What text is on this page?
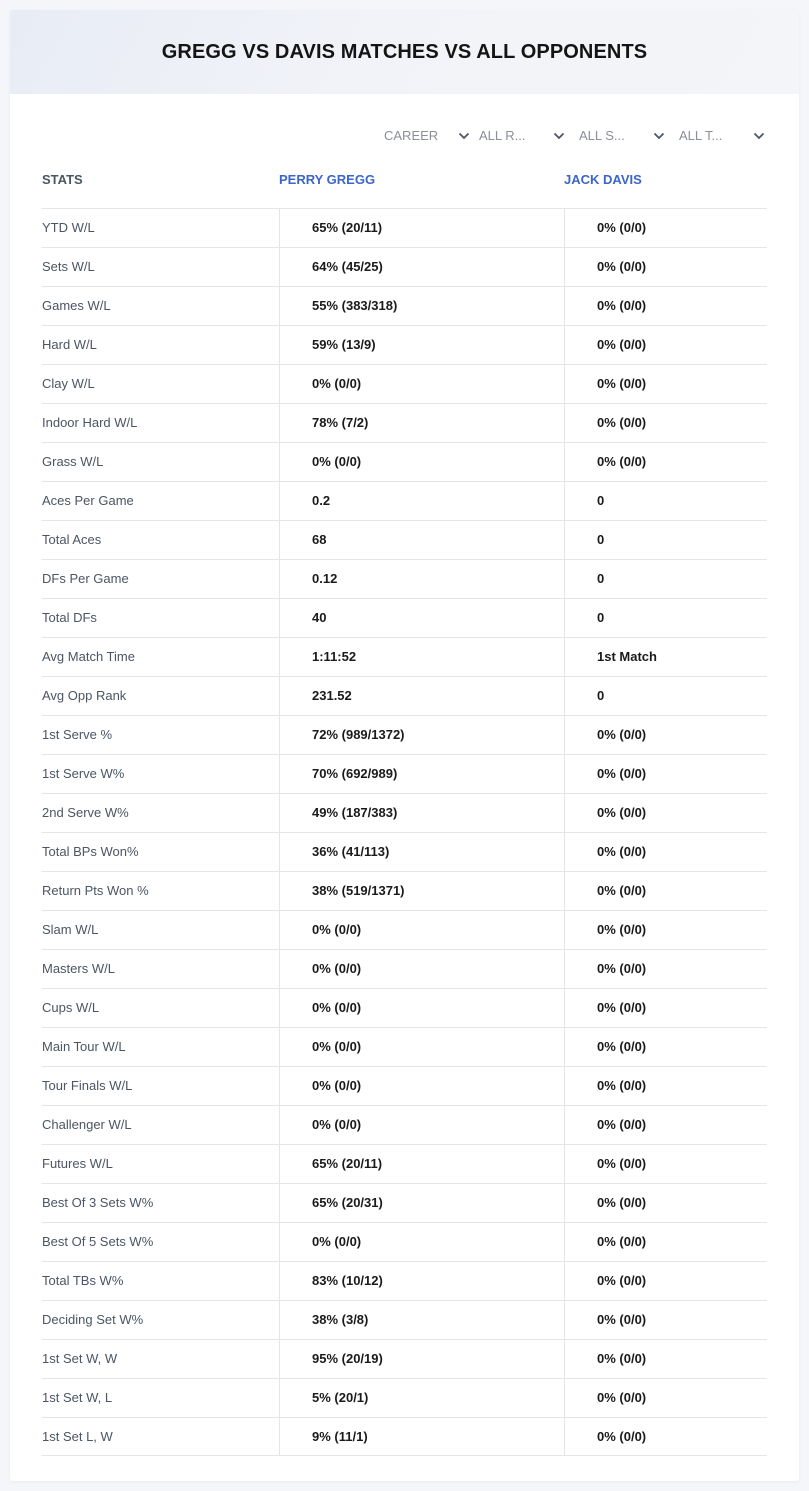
GREGG VS DAVIS MATCHES VS ALL OPPONENTS
CAREER	ALL R...	ALL S...	ALL T...
STATS	PERRY GREGG	JACK DAVIS
YTD W/L	65% (20/11)	0% (0/0)
Sets W/L	64% (45/25)	0% (0/0)
Games W/L	55% (383/318)	0% (0/0)
Hard W/L	59% (13/9)	0% (0/0)
Clay W/L	0% (0/0)	0% (0/0)
Indoor Hard W/L	78% (7/2)	0% (0/0)
Grass W/L	0% (0/0)	0% (0/0)
Aces Per Game	0.2	0
Total Aces	68	0
DFs Per Game	0.12	0
Total DFs	40	0
Avg Match Time	1:11:52	1st Match
Avg Opp Rank	231.52	0
1st Serve %	72% (989/1372)	0% (0/0)
1st Serve W%	70% (692/989)	0% (0/0)
2nd Serve W%	49% (187/383)	0% (0/0)
Total BPs Won%	36% (41/113)	0% (0/0)
Return Pts Won %	38% (519/1371)	0% (0/0)
Slam W/L	0% (0/0)	0% (0/0)
Masters W/L	0% (0/0)	0% (0/0)
Cups W/L	0% (0/0)	0% (0/0)
Main Tour W/L	0% (0/0)	0% (0/0)
Tour Finals W/L	0% (0/0)	0% (0/0)
Challenger W/L	0% (0/0)	0% (0/0)
Futures W/L	65% (20/11)	0% (0/0)
Best Of 3 Sets W%	65% (20/31)	0% (0/0)
Best Of 5 Sets W%	0% (0/0)	0% (0/0)
Total TBs W%	83% (10/12)	0% (0/0)
Deciding Set W%	38% (3/8)	0% (0/0)
1st Set W, W	95% (20/19)	0% (0/0)
1st Set W, L	5% (20/1)	0% (0/0)
1st Set L, W	9% (11/1)	0% (0/0)
